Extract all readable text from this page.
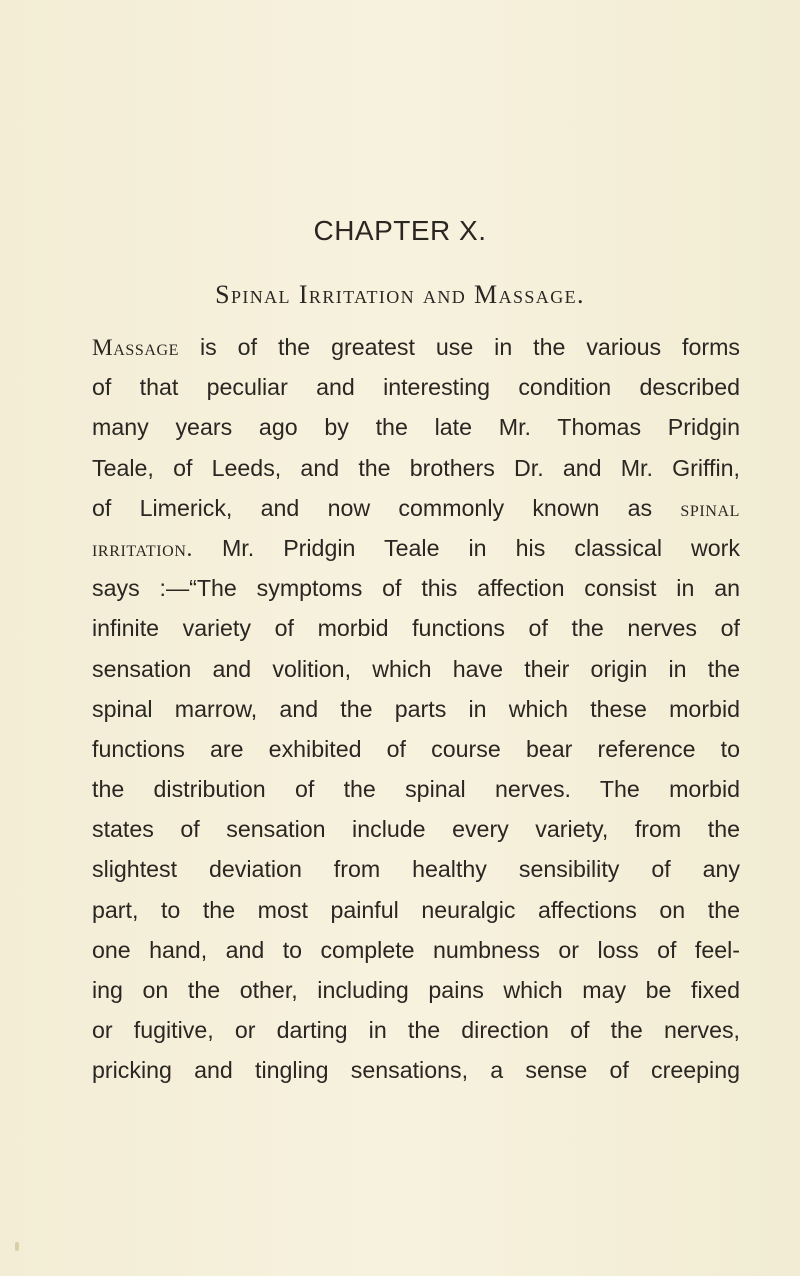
CHAPTER X.
Spinal Irritation and Massage.
Massage is of the greatest use in the various forms
of that peculiar and interesting condition described
many years ago by the late Mr. Thomas Pridgin
Teale, of Leeds, and the brothers Dr. and Mr. Griffin,
of Limerick, and now commonly known as spinal
irritation. Mr. Pridgin Teale in his classical work
says :—“The symptoms of this affection consist in an
infinite variety of morbid functions of the nerves of
sensation and volition, which have their origin in the
spinal marrow, and the parts in which these morbid
functions are exhibited of course bear reference to
the distribution of the spinal nerves. The morbid
states of sensation include every variety, from the
slightest deviation from healthy sensibility of any
part, to the most painful neuralgic affections on the
one hand, and to complete numbness or loss of feel-
ing on the other, including pains which may be fixed
or fugitive, or darting in the direction of the nerves,
pricking and tingling sensations, a sense of creeping
